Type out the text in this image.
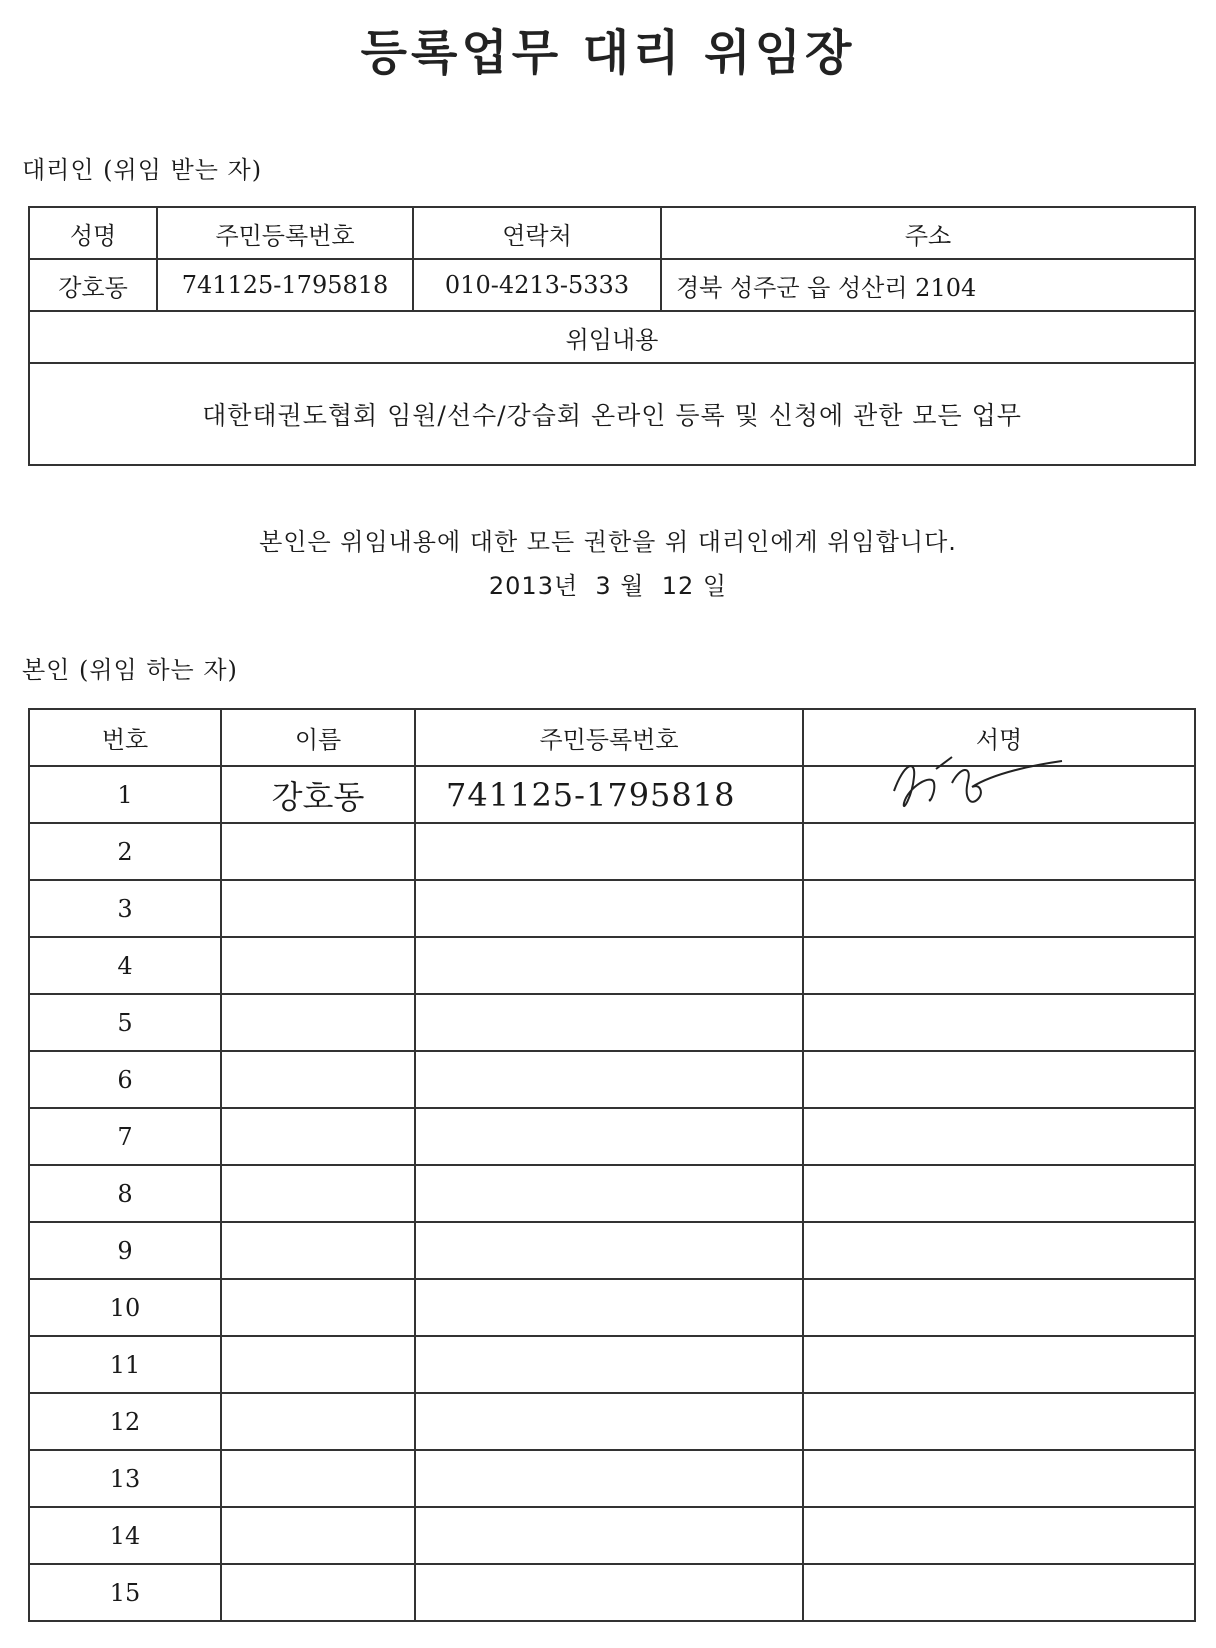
등록업무 대리 위임장
대리인 (위임 받는 자)
성명	주민등록번호	연락처	주소
강호동	741125-1795818	010-4213-5333	경북 성주군 읍 성산리 2104
위임내용			
대한태권도협회 임원/선수/강습회 온라인 등록 및 신청에 관한 모든 업무			
본인은 위임내용에 대한 모든 권한을 위 대리인에게 위임합니다.
2013년  3 월  12 일
본인 (위임 하는 자)
번호	이름	주민등록번호	서명
1	강호동	741125-1795818	

2			
3			
4			
5			
6			
7			
8			
9			
10			
11			
12			
13			
14			
15			
